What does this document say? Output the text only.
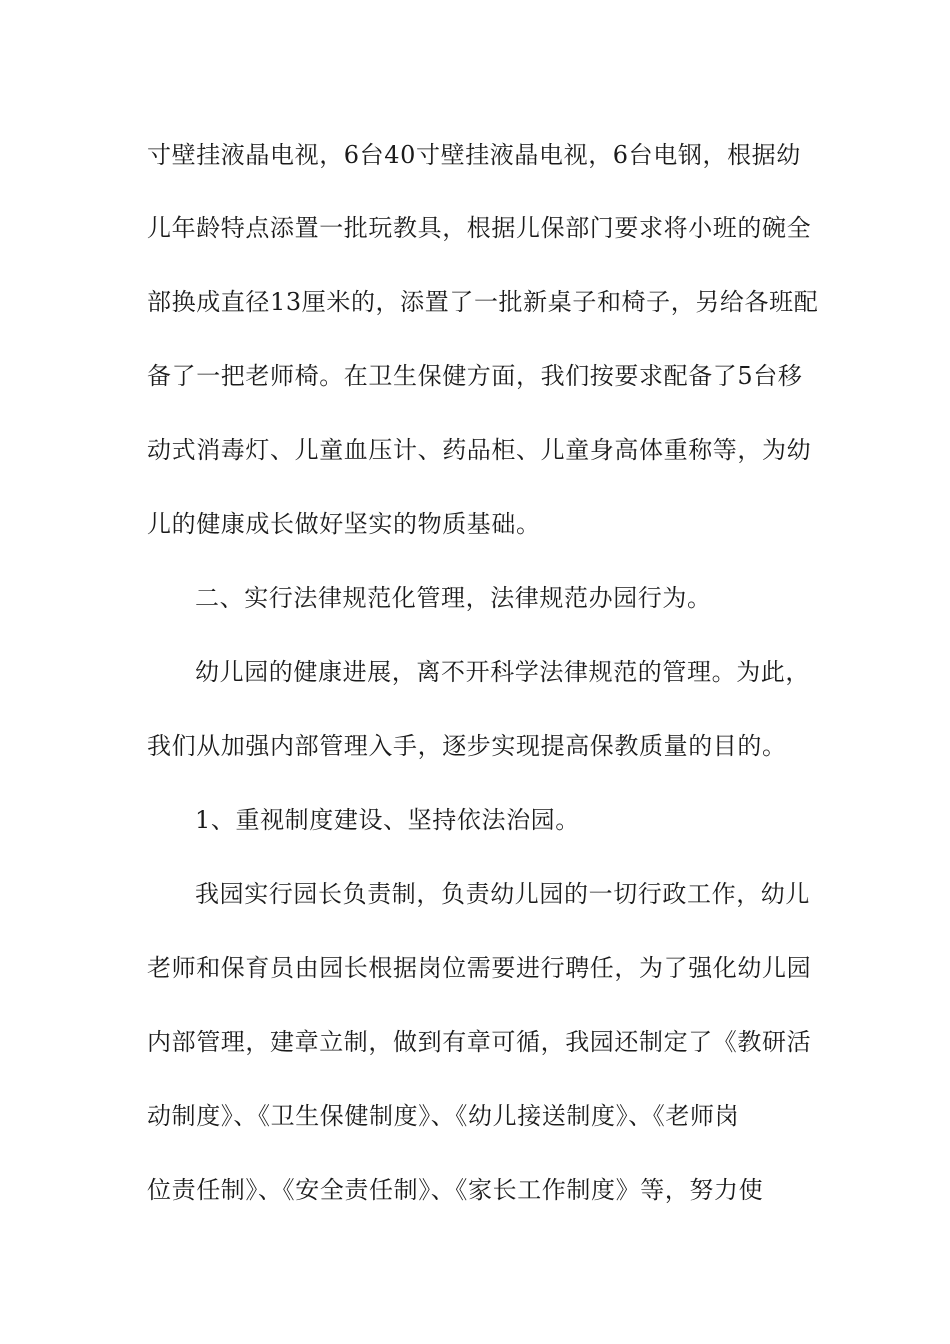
寸壁挂液晶电视，6台40寸壁挂液晶电视，6台电钢，根据幼
儿年龄特点添置一批玩教具，根据儿保部门要求将小班的碗全
部换成直径13厘米的，添置了一批新桌子和椅子，另给各班配
备了一把老师椅。在卫生保健方面，我们按要求配备了5台移
动式消毒灯、儿童血压计、药品柜、儿童身高体重称等，为幼
儿的健康成长做好坚实的物质基础。
二、实行法律规范化管理，法律规范办园行为。
幼儿园的健康进展，离不开科学法律规范的管理。为此，
我们从加强内部管理入手，逐步实现提高保教质量的目的。
1、重视制度建设、坚持依法治园。
我园实行园长负责制，负责幼儿园的一切行政工作，幼儿
老师和保育员由园长根据岗位需要进行聘任，为了强化幼儿园
内部管理，建章立制，做到有章可循，我园还制定了《教研活
动制度》、《卫生保健制度》、《幼儿接送制度》、《老师岗
位责任制》、《安全责任制》、《家长工作制度》等，努力使
